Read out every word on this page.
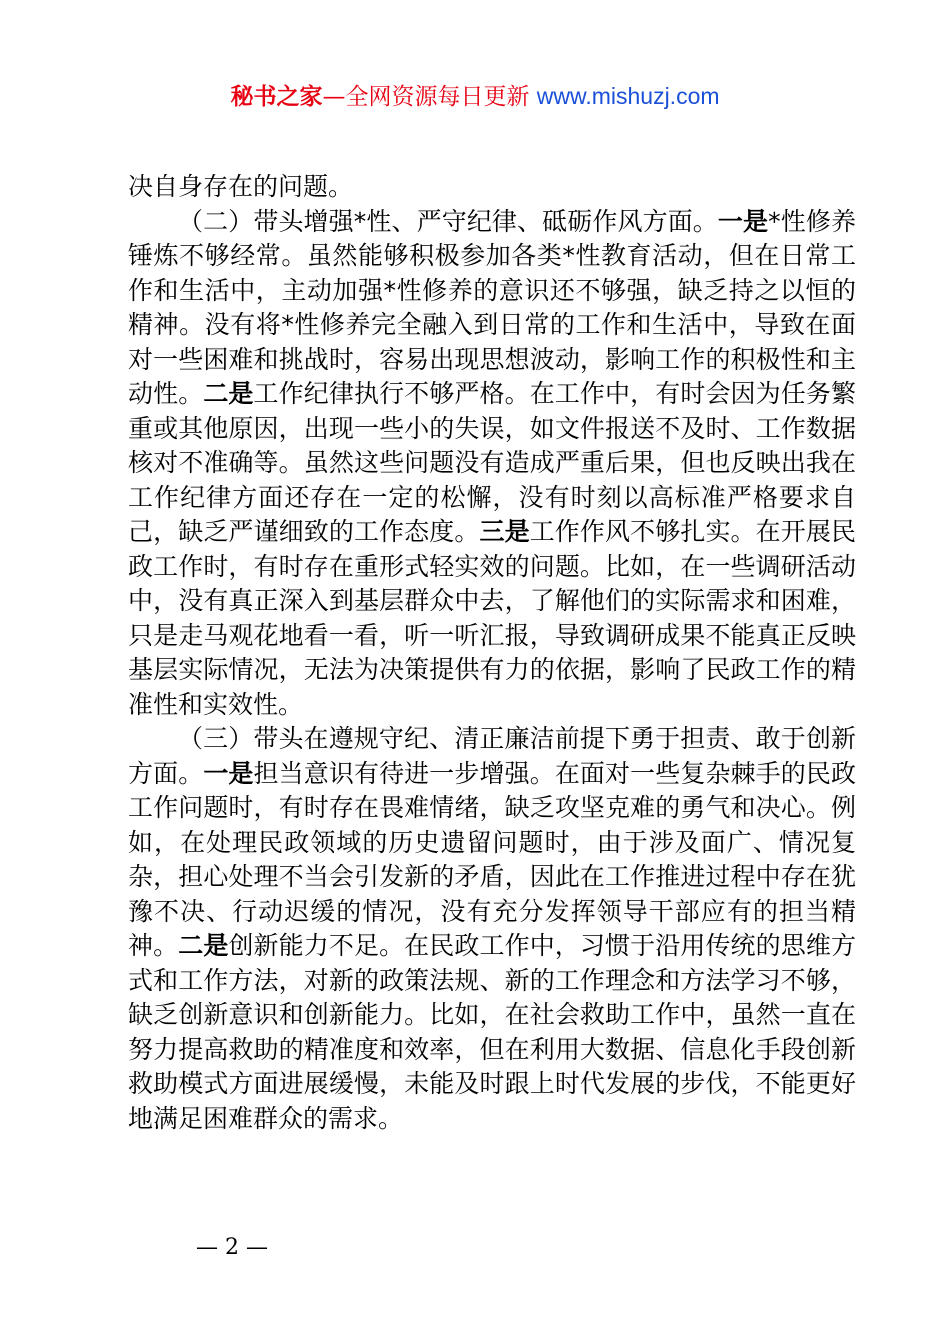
秘书之家—全网资源每日更新 www.mishuzj.com

决自身存在的问题。

（二）带头增强*性、严守纪律、砥砺作风方面。一是*性修养锤炼不够经常。虽然能够积极参加各类*性教育活动，但在日常工作和生活中，主动加强*性修养的意识还不够强，缺乏持之以恒的精神。没有将*性修养完全融入到日常的工作和生活中，导致在面对一些困难和挑战时，容易出现思想波动，影响工作的积极性和主动性。二是工作纪律执行不够严格。在工作中，有时会因为任务繁重或其他原因，出现一些小的失误，如文件报送不及时、工作数据核对不准确等。虽然这些问题没有造成严重后果，但也反映出我在工作纪律方面还存在一定的松懈，没有时刻以高标准严格要求自己，缺乏严谨细致的工作态度。三是工作作风不够扎实。在开展民政工作时，有时存在重形式轻实效的问题。比如，在一些调研活动中，没有真正深入到基层群众中去，了解他们的实际需求和困难，只是走马观花地看一看，听一听汇报，导致调研成果不能真正反映基层实际情况，无法为决策提供有力的依据，影响了民政工作的精准性和实效性。

（三）带头在遵规守纪、清正廉洁前提下勇于担责、敢于创新方面。一是担当意识有待进一步增强。在面对一些复杂棘手的民政工作问题时，有时存在畏难情绪，缺乏攻坚克难的勇气和决心。例如，在处理民政领域的历史遗留问题时，由于涉及面广、情况复杂，担心处理不当会引发新的矛盾，因此在工作推进过程中存在犹豫不决、行动迟缓的情况，没有充分发挥领导干部应有的担当精神。二是创新能力不足。在民政工作中，习惯于沿用传统的思维方式和工作方法，对新的政策法规、新的工作理念和方法学习不够，缺乏创新意识和创新能力。比如，在社会救助工作中，虽然一直在努力提高救助的精准度和效率，但在利用大数据、信息化手段创新救助模式方面进展缓慢，未能及时跟上时代发展的步伐，不能更好地满足困难群众的需求。

— 2 —
